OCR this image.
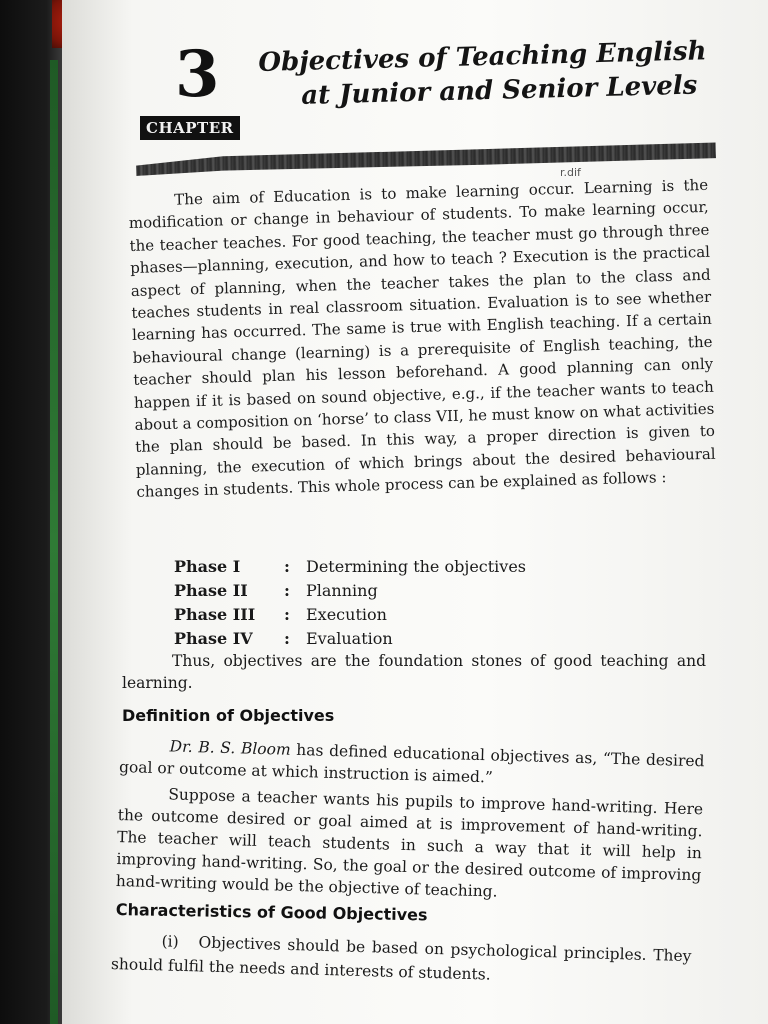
3
CHAPTER
Objectives of Teaching English
at Junior and Senior Levels
r.dif

The aim of Education is to make learning occur. Learning is the modification or change in behaviour of students. To make learning occur, the teacher teaches. For good teaching, the teacher must go through three phases—planning, execution, and how to teach ? Execution is the practical aspect of planning, when the teacher takes the plan to the class and teaches students in real classroom situation. Evaluation is to see whether learning has occurred. The same is true with English teaching. If a certain behavioural change (learning) is a prerequisite of English teaching, the teacher should plan his lesson beforehand. A good planning can only happen if it is based on sound objective, e.g., if the teacher wants to teach about a composition on ‘horse’ to class VII, he must know on what activities the plan should be based. In this way, a proper direction is given to planning, the execution of which brings about the desired behavioural changes in students. This whole process can be explained as follows :

Phase I	:	Determining the objectives
Phase II	:	Planning
Phase III	:	Execution
Phase IV	:	Evaluation

Thus, objectives are the foundation stones of good teaching and learning.

Definition of Objectives

Dr. B. S. Bloom has defined educational objectives as, “The desired goal or outcome at which instruction is aimed.”

Suppose a teacher wants his pupils to improve hand-writing. Here the outcome desired or goal aimed at is improvement of hand-writing. The teacher will teach students in such a way that it will help in improving hand-writing. So, the goal or the desired outcome of improving hand-writing would be the objective of teaching.

Characteristics of Good Objectives

(i)   Objectives should be based on psychological principles. They should fulfil the needs and interests of students.
